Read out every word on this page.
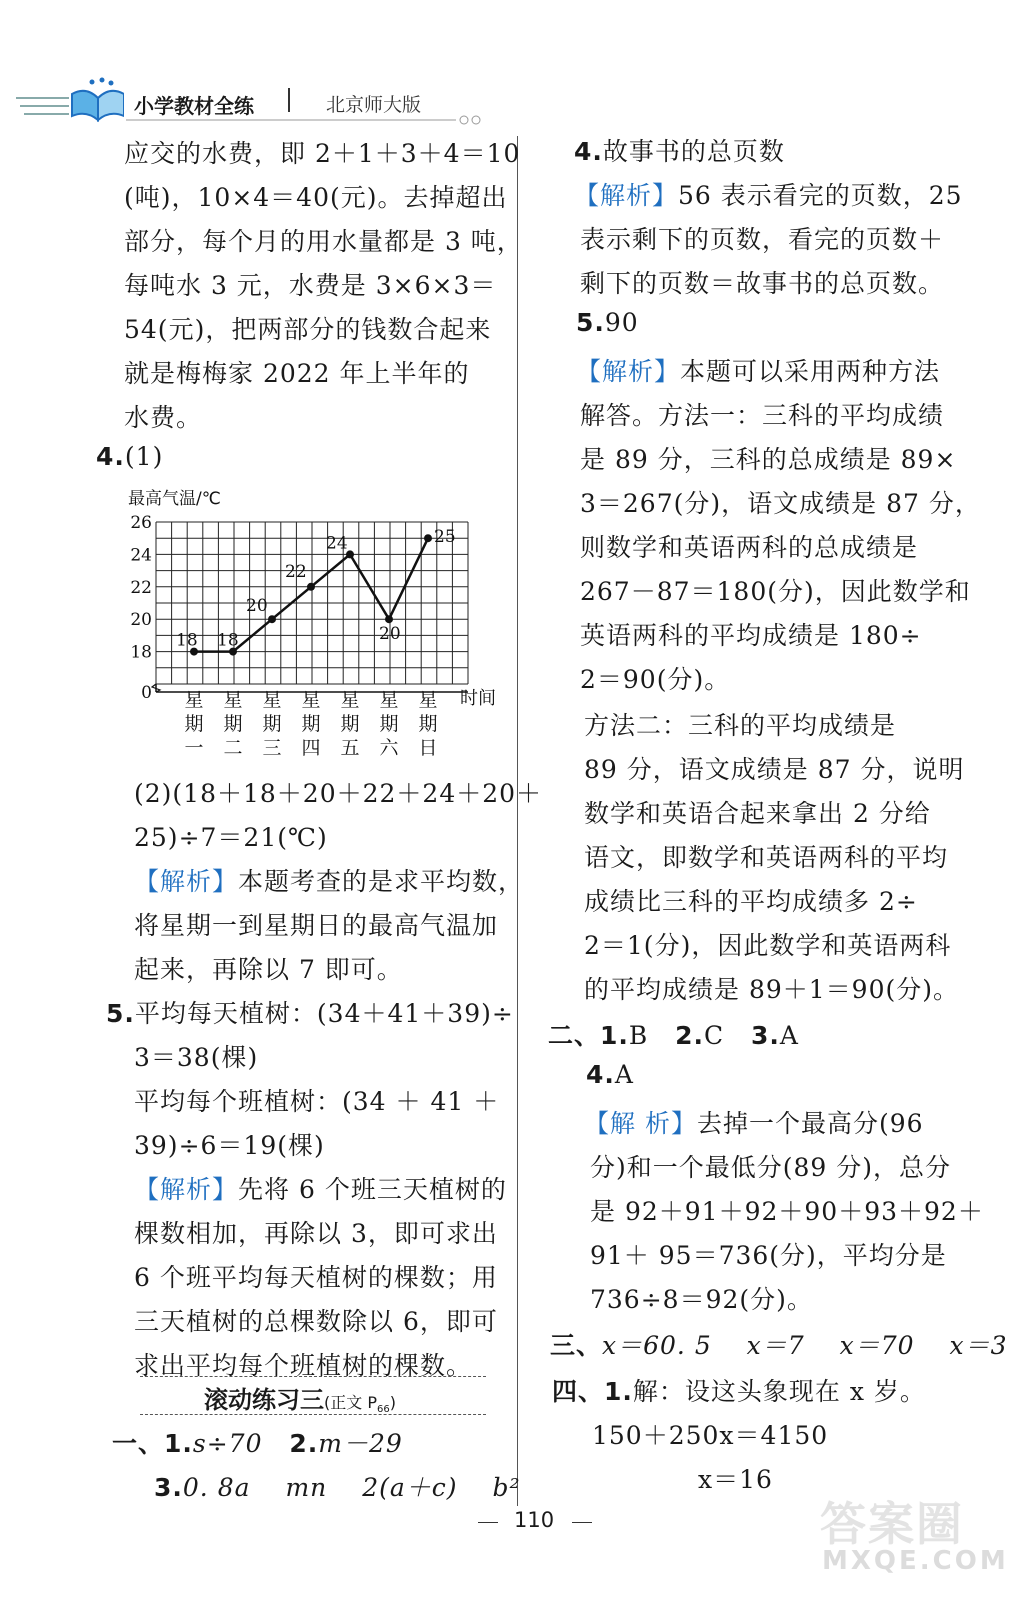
小学教材全练	北京师大版
应交的水费，即 2＋1＋3＋4＝10
(吨)，10×4＝40(元)。去掉超出
部分，每个月的用水量都是 3 吨，
每吨水 3 元，水费是 3×6×3＝
54(元)，把两部分的钱数合起来
就是梅梅家 2022 年上半年的
水费。
4.(1)
最高气温/℃
0
18
20
22
24
26
星
期
一
星
期
二
星
期
三
星
期
四
星
期
五
星
期
六
星
期
日
时间
18 18
20
22
24
20
25
(2)(18＋18＋20＋22＋24＋20＋
25)÷7＝21(℃)
【解析】本题考查的是求平均数，
将星期一到星期日的最高气温加
起来，再除以 7 即可。
5.平均每天植树：(34＋41＋39)÷
3＝38(棵)
平均每个班植树：(34 ＋ 41 ＋
39)÷6＝19(棵)
【解析】先将 6 个班三天植树的
棵数相加，再除以 3，即可求出
6 个班平均每天植树的棵数；用
三天植树的总棵数除以 6，即可
求出平均每个班植树的棵数。
滚动练习三(正文 $P_{66}$)
一、1.s÷70 2.m－29
3.0. 8a　 mn　 2(a＋c)　 b²
4.故事书的总页数
【解析】56 表示看完的页数，25
表示剩下的页数，看完的页数＋
剩下的页数＝故事书的总页数。
5.90
【解析】本题可以采用两种方法
解答。方法一：三科的平均成绩
是 89 分，三科的总成绩是 89×
3＝267(分)，语文成绩是 87 分，
则数学和英语两科的总成绩是
267－87＝180(分)，因此数学和
英语两科的平均成绩是 180÷
2＝90(分)。
方法二：三科的平均成绩是
89 分，语文成绩是 87 分，说明
数学和英语合起来拿出 2 分给
语文，即数学和英语两科的平均
成绩比三科的平均成绩多 2÷
2＝1(分)，因此数学和英语两科
的平均成绩是 89＋1＝90(分)。
二、1.B 2.C 3.A
4.A
【解 析】去掉一个最高分(96
分)和一个最低分(89 分)，总分
是 92＋91＋92＋90＋93＋92＋
91＋ 95＝736(分)，平均分是
736÷8＝92(分)。
三、x＝60. 5　 x＝7　 x＝70　 x＝3
四、1.解：设这头象现在 x 岁。
150＋250x＝4150
x＝16
110	答案圈
MXQE.COM
